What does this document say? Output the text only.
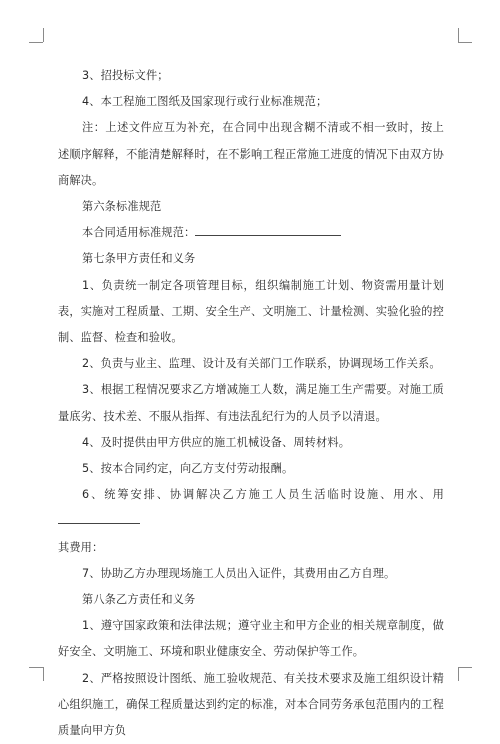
3、招投标文件；

4、本工程施工图纸及国家现行或行业标准规范；

注：上述文件应互为补充，在合同中出现含糊不清或不相一致时，按上述顺序解释，不能清楚解释时，在不影响工程正常施工进度的情况下由双方协商解决。

第六条标准规范

本合同适用标准规范：

第七条甲方责任和义务

1、负责统一制定各项管理目标，组织编制施工计划、物资需用量计划表，实施对工程质量、工期、安全生产、文明施工、计量检测、实验化验的控制、监督、检查和验收。

2、负责与业主、监理、设计及有关部门工作联系，协调现场工作关系。

3、根据工程情况要求乙方增减施工人数，满足施工生产需要。对施工质量底劣、技术差、不服从指挥、有违法乱纪行为的人员予以清退。

4、及时提供由甲方供应的施工机械设备、周转材料。

5、按本合同约定，向乙方支付劳动报酬。

6、统筹安排、协调解决乙方施工人员生活临时设施、用水、用

其费用：

7、协助乙方办理现场施工人员出入证件，其费用由乙方自理。

第八条乙方责任和义务

1、遵守国家政策和法律法规；遵守业主和甲方企业的相关规章制度，做好安全、文明施工、环境和职业健康安全、劳动保护等工作。

2、严格按照设计图纸、施工验收规范、有关技术要求及施工组织设计精心组织施工，确保工程质量达到约定的标准，对本合同劳务承包范围内的工程质量向甲方负
